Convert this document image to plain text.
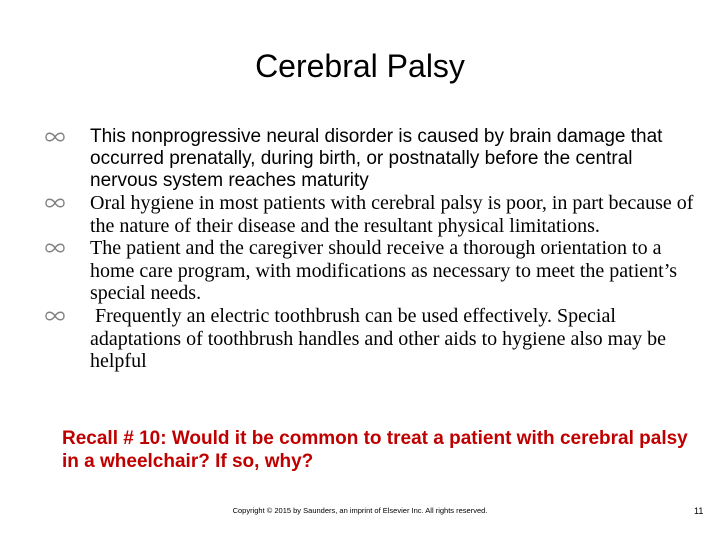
Cerebral Palsy
This nonprogressive neural disorder is caused by brain damage that occurred prenatally, during birth, or postnatally before the central nervous system reaches maturity
Oral hygiene in most patients with cerebral palsy is poor, in part because of the nature of their disease and the resultant physical limitations.
The patient and the caregiver should receive a thorough orientation to a home care program, with modifications as necessary to meet the patient’s special needs.
Frequently an electric toothbrush can be used effectively. Special adaptations of toothbrush handles and other aids to hygiene also may be helpful
Recall # 10: Would it be common to treat a patient with cerebral palsy in a wheelchair? If so, why?
Copyright © 2015 by Saunders, an imprint of Elsevier Inc. All rights reserved.	11
